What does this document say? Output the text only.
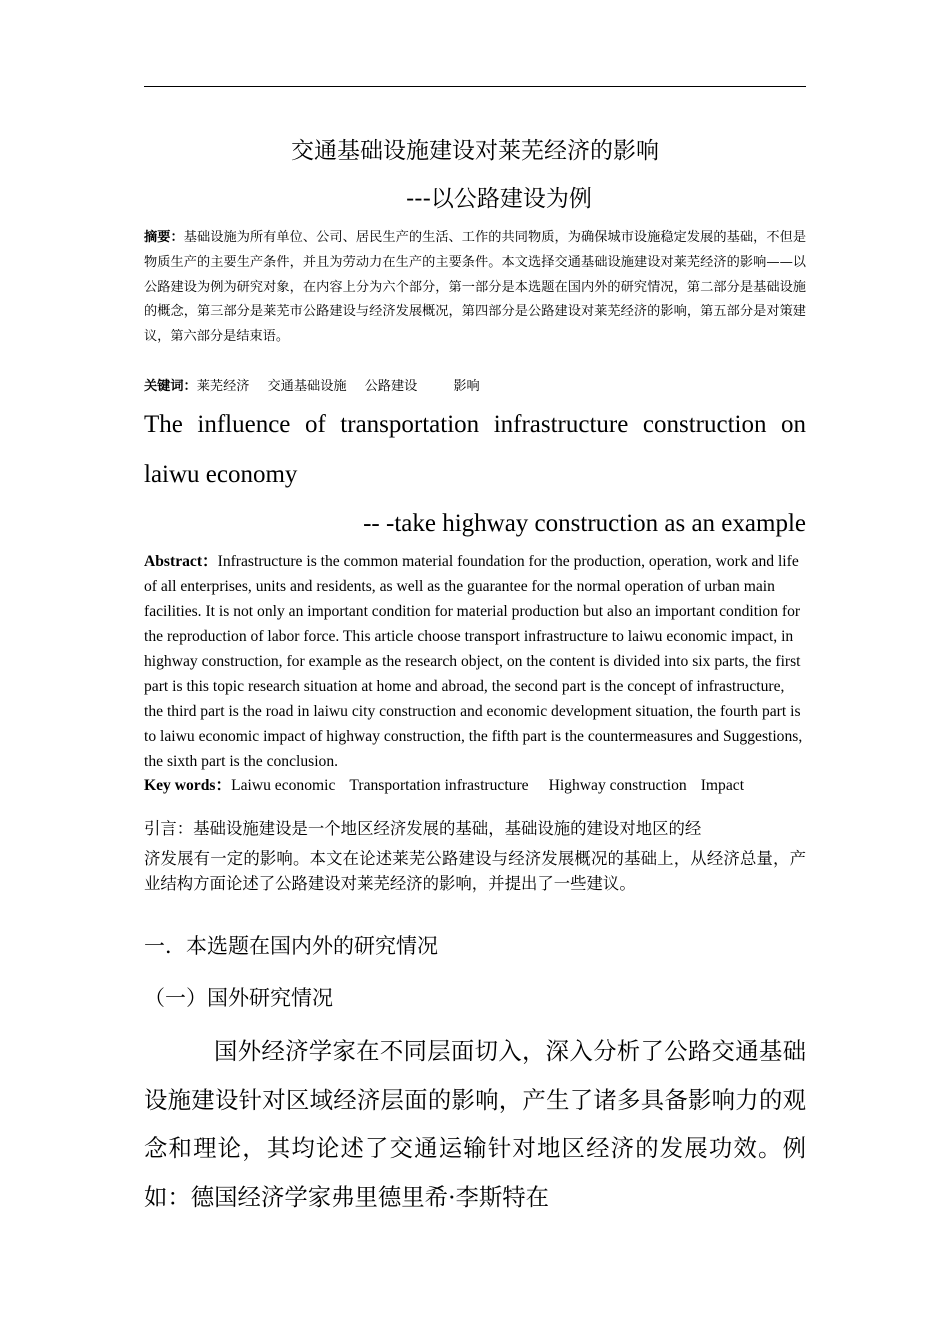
交通基础设施建设对莱芜经济的影响
---以公路建设为例
摘要：基础设施为所有单位、公司、居民生产的生活、工作的共同物质，为确保城市设施稳定发展的基础，不但是物质生产的主要生产条件，并且为劳动力在生产的主要条件。本文选择交通基础设施建设对莱芜经济的影响——以公路建设为例为研究对象，在内容上分为六个部分，第一部分是本选题在国内外的研究情况，第二部分是基础设施的概念，第三部分是莱芜市公路建设与经济发展概况，第四部分是公路建设对莱芜经济的影响，第五部分是对策建议，第六部分是结束语。
关键词：莱芜经济 交通基础设施 公路建设	影响
The influence of transportation infrastructure construction on
laiwu economy
-- -take highway construction as an example
Abstract：Infrastructure is the common material foundation for the production, operation, work and life of all enterprises, units and residents, as well as the guarantee for the normal operation of urban main facilities. It is not only an important condition for material production but also an important condition for the reproduction of labor force. This article choose transport infrastructure to laiwu economic impact, in highway construction, for example as the research object, on the content is divided into six parts, the first part is this topic research situation at home and abroad, the second part is the concept of infrastructure, the third part is the road in laiwu city construction and economic development situation, the fourth part is to laiwu economic impact of highway construction, the fifth part is the countermeasures and Suggestions, the sixth part is the conclusion.
Key words：Laiwu economic Transportation infrastructure Highway construction Impact
引言：基础设施建设是一个地区经济发展的基础，基础设施的建设对地区的经
济发展有一定的影响。本文在论述莱芜公路建设与经济发展概况的基础上，从经济总量，产业结构方面论述了公路建设对莱芜经济的影响，并提出了一些建议。
一．本选题在国内外的研究情况
（一）国外研究情况
国外经济学家在不同层面切入，深入分析了公路交通基础设施建设针对区域经济层面的影响，产生了诸多具备影响力的观念和理论，其均论述了交通运输针对地区经济的发展功效。例如：德国经济学家弗里德里希·李斯特在
